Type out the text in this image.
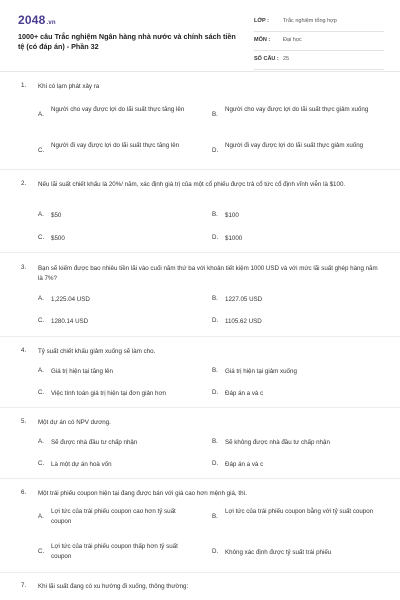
2048.vn
1000+ câu Trắc nghiệm Ngân hàng nhà nước và chính sách tiền tệ (có đáp án) - Phần 32
LỚP :	Trắc nghiệm tổng hợp
MÔN : Đại học
SỐ CÂU : 25
1. Khi có lạm phát xảy ra
A.
Người cho vay được lợi do lãi suất thực tăng lên
B.
Người cho vay được lợi do lãi suất thực giảm xuống
C.
Người đi vay được lợi do lãi suất thực tăng lên
D.
Người đi vay được lợi do lãi suất thực giảm xuống
2. Nếu lãi suất chiết khấu là 20%/ năm, xác định giá trị của một cổ phiếu được trả cổ tức cổ định vĩnh viễn là $100.
A. $50	B. $100
C. $500	D. $1000
3. Bạn sẽ kiếm được bao nhiêu tiền lãi vào cuối năm thứ ba với khoản tiết kiệm 1000 USD và với mức lãi suất ghép hàng năm là 7%?
A. 1,225.04 USD	B. 1227.05 USD
C. 1280.14 USD	D. 1105.62 USD
4. Tỷ suất chiết khấu giảm xuống sẽ làm cho.
A. Giá trị hiện tại tăng lên	B. Giá trị hiện tại giảm xuống
C. Việc tính toán giá trị hiện tại đơn giản hơn	D. Đáp án a và c
5. Một dự án có NPV dương.
A. Sẽ được nhà đầu tư chấp nhận	B. Sẽ không được nhà đầu tư chấp nhận
C. Là một dự án hoà vốn	D. Đáp án a và c
6. Một trái phiếu coupon hiện tại đang được bán với giá cao hơn mệnh giá, thì.
A.
Lợi tức của trái phiếu coupon cao hơn tỷ suất coupon
B.
Lợi tức của trái phiếu coupon bằng với tỷ suất coupon
C.
Lợi tức của trái phiếu coupon thấp hơn tỷ suất coupon
D. Không xác định được tỷ suất trái phiếu
7. Khi lãi suất đang có xu hướng đi xuống, thông thường:
